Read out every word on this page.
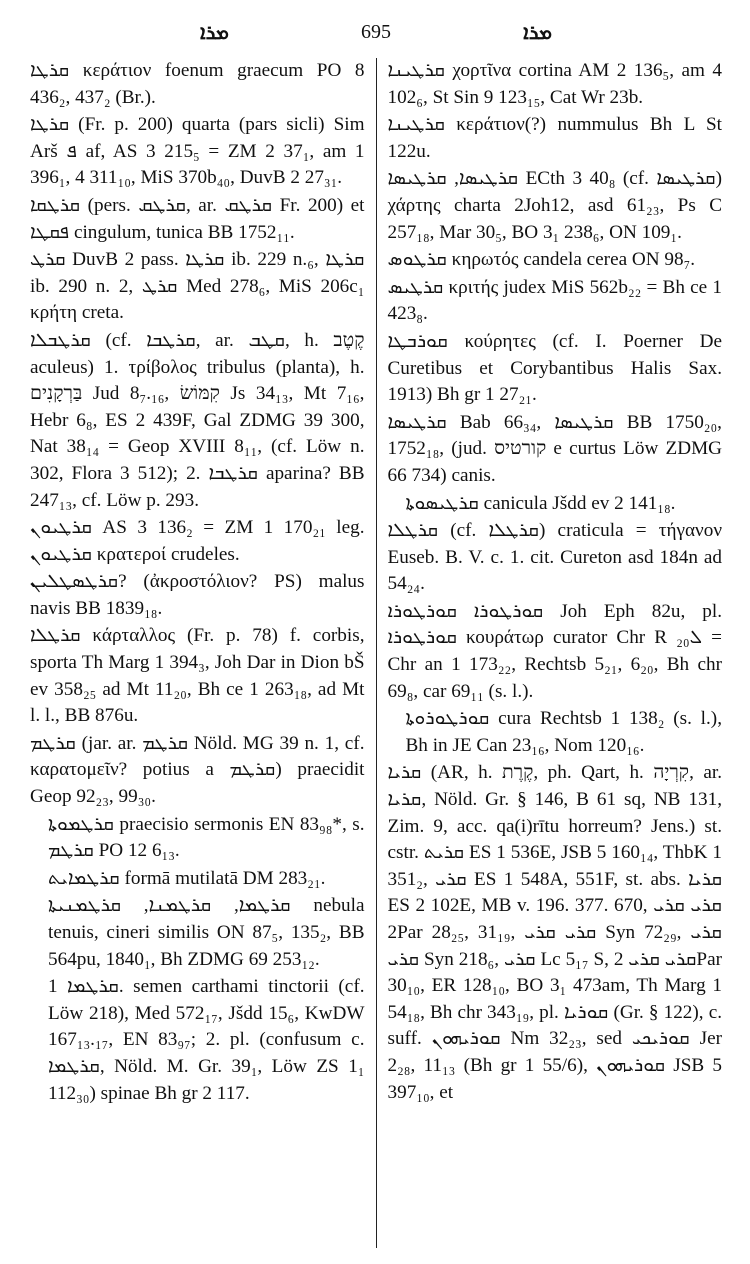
ܡܪܐ	695	ܡܪܐ

ܩܪܛܐ κεράτιον foenum graecum PO 8 436₂, 437₂ (Br.).

ܩܪܛܐ (Fr. p. 200) quarta (pars sicli) Sim Arš ܦ af, AS 3 215₅ = ZM 2 37₁, am 1 396₁, 4 311₁₀, MiS 370b₄₀, DuvB 2 27₃₁.

ܩܪܛܩܐ (pers. ܩܪܛܩ, ar. ܩܪܛܩ Fr. 200) et ܦܩܛܐ cingulum, tunica BB 1752₁₁.

ܩܪܛ DuvB 2 pass. ܩܪܛܐ ib. 229 n.₆, ܩܪܛܐ ib. 290 n. 2, ܩܪܛ Med 278₆, MiS 206c₁ κρήτη creta.

ܩܪܛܒܠܐ (cf. ܩܪܛܒܐ, ar. ܩܛܒ, h. קֶטֶב aculeus) 1. τρίβολος tribulus (planta), h. בַּרְקָנִים Jud 8₇.₁₆, קִמּוֹשׂ Js 34₁₃, Mt 7₁₆, Hebr 6₈, ES 2 439F, Gal ZDMG 39 300, Nat 38₁₄ = Geop XVIII 8₁₁, (cf. Löw n. 302, Flora 3 512); 2. ܩܪܛܒܐ aparina? BB 247₁₃, cf. Löw p. 293.

ܩܪܛܝܘܢ AS 3 136₂ = ZM 1 170₂₁ leg. ܩܪܛܝܘܢ κρατεροί crudeles.

ܩܪܛܣܛܠܝܢ? (ἀκροστόλιον? PS) malus navis BB 1839₁₈.

ܩܪܛܠܐ κάρταλλος (Fr. p. 78) f. corbis, sporta Th Marg 1 394₃, Joh Dar in Dion bŠ ev 358₂₅ ad Mt 11₂₀, Bh ce 1 263₁₈, ad Mt l. l., BB 876u.

ܩܪܛܡ (jar. ar. ܩܪܛܡ Nöld. MG 39 n. 1, cf. καρατομεῖν? potius a ܩܪܛܡ) praecidit Geop 92₂₃, 99₃₀.

ܩܪܛܡܘܬܐ praecisio sermonis EN 83₉₈*, s. ܩܪܛܡ PO 12 6₁₃.

ܩܪܛܡܐܝܬ formā mutilatā DM 283₂₁.

ܩܪܛܡܐ, ܩܪܛܡܢܐ, ܩܪܛܡܢܝܬܐ nebula tenuis, cineri similis ON 87₅, 135₂, BB 564pu, 1840₁, Bh ZDMG 69 253₁₂.

ܩܪܛܡܐ 1. semen carthami tinctorii (cf. Löw 218), Med 572₁₇, Jšdd 15₆, KwDW 167₁₃.₁₇, EN 83₉₇; 2. pl. (confusum c. ܩܪܛܡܐ, Nöld. M. Gr. 39₁, Löw ZS 1₁ 112₃₀) spinae Bh gr 2 117.

ܩܪܛܝܢܐ χορτῖνα cortina AM 2 136₅, am 4 102₆, St Sin 9 123₁₅, Cat Wr 23b.

ܩܪܛܝܢܐ κεράτιον(?) nummulus Bh L St 122u.

ܩܪܛܝܣܐ, ܩܪܛܝܣܐ ECth 3 40₈ (cf. ܩܪܛܝܣܐ) χάρτης charta 2Joh12, asd 61₂₃, Ps C 257₁₈, Mar 30₅, BO 3₁ 238₆, ON 109₁.

ܩܪܛܘܣ κηρωτός candela cerea ON 98₇.

ܩܪܛܝܣ κριτής judex MiS 562b₂₂ = Bh ce 1 423₈.

ܩܘܪܒܛܐ κούρητες (cf. I. Poerner De Curetibus et Corybantibus Halis Sax. 1913) Bh gr 1 27₂₁.

ܩܪܛܝܣܐ Bab 66₃₄, ܩܪܛܝܣܐ BB 1750₂₀, 1752₁₈, (jud. קורטיס e curtus Löw ZDMG 66 734) canis.

ܩܪܛܝܣܘܬܐ canicula Jšdd ev 2 141₁₈.

ܩܪܛܠܐ (cf. ܩܪܛܠܐ) craticula = τήγανον Euseb. B. V. c. 1. cit. Cureton asd 184n ad 54₂₄.

ܩܘܪܛܘܪܐ ܩܘܪܛܘܪܐ Joh Eph 82u, pl. ܩܘܪܛܘܪܐ κουράτωρ curator Chr R ܠ₂₀ = Chr an 1 173₂₂, Rechtsb 5₂₁, 6₂₀, Bh chr 69₈, car 69₁₁ (s. l.).

ܩܘܪܛܘܪܘܬܐ cura Rechtsb 1 138₂ (s. l.), Bh in JE Can 23₁₆, Nom 120₁₆.

ܩܪܝܐ (AR, h. קֶרֶת, ph. Qart, h. קִרְיָה, ar. ܩܪܝܐ, Nöld. Gr. § 146, B 61 sq, NB 131, Zim. 9, acc. qa(i)rītu horreum? Jens.) st. cstr. ܩܪܝܬ ES 1 536E, JSB 5 160₁₄, ThbK 1 351₂, ܩܪܝ ES 1 548A, 551F, st. abs. ܩܪܝܐ ES 2 102E, MB v. 196. 377. 670, ܩܪܝ ܩܪܝ 2Par 28₂₅, 31₁₉, ܩܪܝ ܩܪܝ Syn 72₂₉, ܩܪܝ ܩܪܝ Syn 218₆, ܩܪܝ Lc 5₁₇ S, ܩܪܝ ܩܪܝ 2Par 30₁₀, ER 128₁₀, BO 3₁ 473am, Th Marg 1 54₁₈, Bh chr 343₁₉, pl. ܩܘܪܝܐ (Gr. § 122), c. suff. ܩܘܪܝܗܘܢ Nm 32₂₃, sed ܩܘܪܝܟܝ Jer 2₂₈, 11₁₃ (Bh gr 1 55/6), ܩܘܪܝܗܘܢ JSB 5 397₁₀, et
